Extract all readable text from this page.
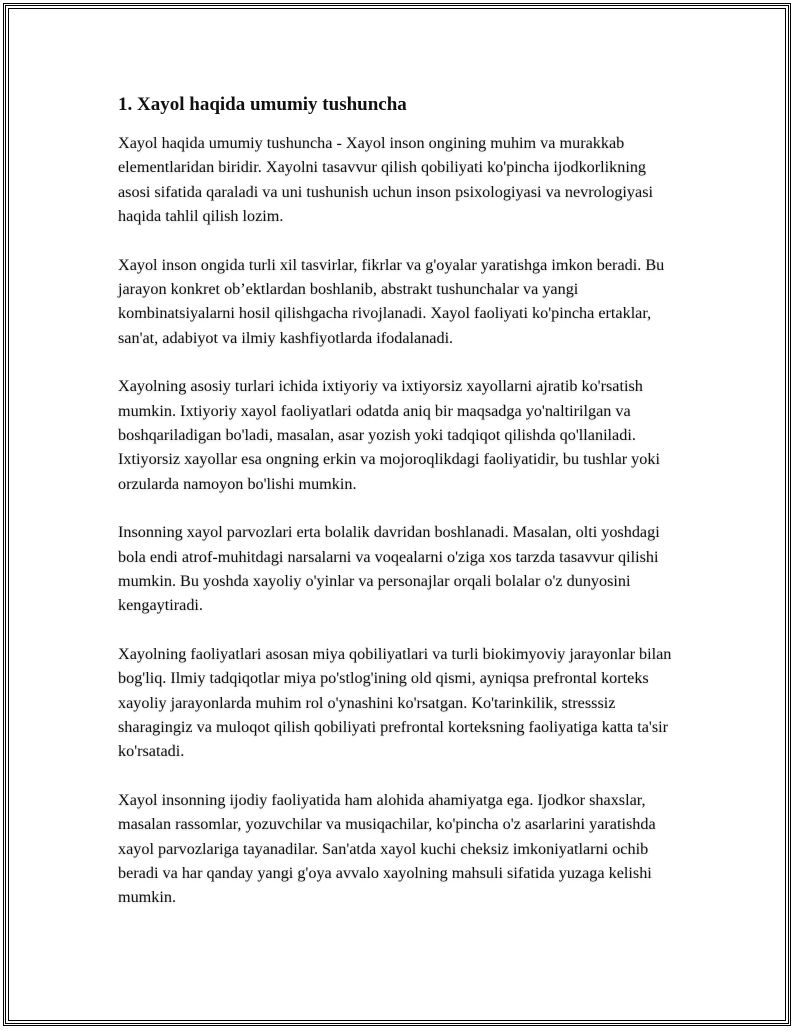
1. Xayol haqida umumiy tushuncha

Xayol haqida umumiy tushuncha - Xayol inson ongining muhim va murakkab elementlaridan biridir. Xayolni tasavvur qilish qobiliyati ko'pincha ijodkorlikning asosi sifatida qaraladi va uni tushunish uchun inson psixologiyasi va nevrologiyasi haqida tahlil qilish lozim.

Xayol inson ongida turli xil tasvirlar, fikrlar va g'oyalar yaratishga imkon beradi. Bu jarayon konkret ob’ektlardan boshlanib, abstrakt tushunchalar va yangi kombinatsiyalarni hosil qilishgacha rivojlanadi. Xayol faoliyati ko'pincha ertaklar, san'at, adabiyot va ilmiy kashfiyotlarda ifodalanadi.

Xayolning asosiy turlari ichida ixtiyoriy va ixtiyorsiz xayollarni ajratib ko'rsatish mumkin. Ixtiyoriy xayol faoliyatlari odatda aniq bir maqsadga yo'naltirilgan va boshqariladigan bo'ladi, masalan, asar yozish yoki tadqiqot qilishda qo'llaniladi. Ixtiyorsiz xayollar esa ongning erkin va mojoroqlikdagi faoliyatidir, bu tushlar yoki orzularda namoyon bo'lishi mumkin.

Insonning xayol parvozlari erta bolalik davridan boshlanadi. Masalan, olti yoshdagi bola endi atrof-muhitdagi narsalarni va voqealarni o'ziga xos tarzda tasavvur qilishi mumkin. Bu yoshda xayoliy o'yinlar va personajlar orqali bolalar o'z dunyosini kengaytiradi.

Xayolning faoliyatlari asosan miya qobiliyatlari va turli biokimyoviy jarayonlar bilan bog'liq. Ilmiy tadqiqotlar miya po'stlog'ining old qismi, ayniqsa prefrontal korteks xayoliy jarayonlarda muhim rol o'ynashini ko'rsatgan. Ko'tarinkilik, stresssiz sharagingiz va muloqot qilish qobiliyati prefrontal korteksning faoliyatiga katta ta'sir ko'rsatadi.

Xayol insonning ijodiy faoliyatida ham alohida ahamiyatga ega. Ijodkor shaxslar, masalan rassomlar, yozuvchilar va musiqachilar, ko'pincha o'z asarlarini yaratishda xayol parvozlariga tayanadilar. San'atda xayol kuchi cheksiz imkoniyatlarni ochib beradi va har qanday yangi g'oya avvalo xayolning mahsuli sifatida yuzaga kelishi mumkin.
